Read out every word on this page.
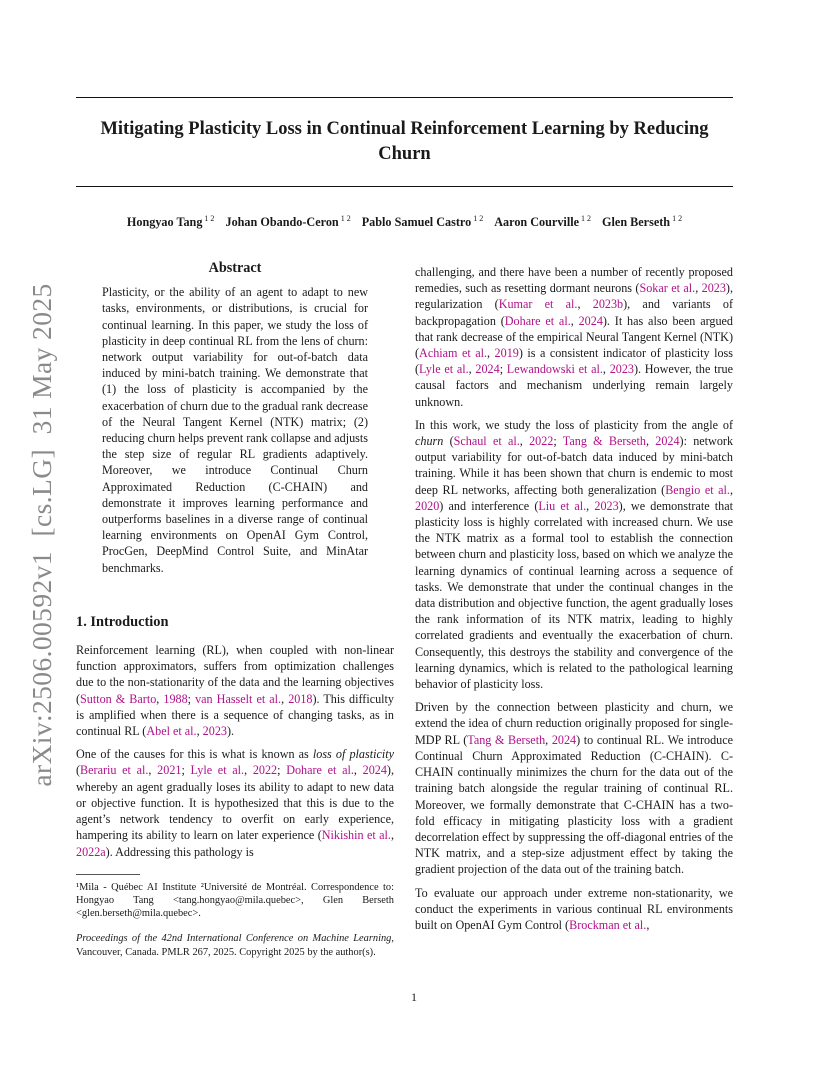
Mitigating Plasticity Loss in Continual Reinforcement Learning by Reducing Churn
Hongyao Tang $^{1 2}$ Johan Obando-Ceron $^{1 2}$ Pablo Samuel Castro $^{1 2}$ Aaron Courville $^{1 2}$ Glen Berseth $^{1 2}$
arXiv:2506.00592v1  [cs.LG]  31 May 2025
Abstract

Plasticity, or the ability of an agent to adapt to new tasks, environments, or distributions, is crucial for continual learning. In this paper, we study the loss of plasticity in deep continual RL from the lens of churn: network output variability for out-of-batch data induced by mini-batch training. We demonstrate that (1) the loss of plasticity is accompanied by the exacerbation of churn due to the gradual rank decrease of the Neural Tangent Kernel (NTK) matrix; (2) reducing churn helps prevent rank collapse and adjusts the step size of regular RL gradients adaptively. Moreover, we introduce Continual Churn Approximated Reduction (C-CHAIN) and demonstrate it improves learning performance and outperforms baselines in a diverse range of continual learning environments on OpenAI Gym Control, ProcGen, DeepMind Control Suite, and MinAtar benchmarks.

1. Introduction

Reinforcement learning (RL), when coupled with non-linear function approximators, suffers from optimization challenges due to the non-stationarity of the data and the learning objectives (Sutton & Barto, 1988; van Hasselt et al., 2018). This difficulty is amplified when there is a sequence of changing tasks, as in continual RL (Abel et al., 2023).

One of the causes for this is what is known as loss of plasticity (Berariu et al., 2021; Lyle et al., 2022; Dohare et al., 2024), whereby an agent gradually loses its ability to adapt to new data or objective function. It is hypothesized that this is due to the agent’s network tendency to overfit on early experience, hampering its ability to learn on later experience (Nikishin et al., 2022a). Addressing this pathology is

¹Mila - Québec AI Institute ²Université de Montréal. Correspondence to: Hongyao Tang <tang.hongyao@mila.quebec>, Glen Berseth <glen.berseth@mila.quebec>.

Proceedings of the 42nd International Conference on Machine Learning, Vancouver, Canada. PMLR 267, 2025. Copyright 2025 by the author(s).

challenging, and there have been a number of recently proposed remedies, such as resetting dormant neurons (Sokar et al., 2023), regularization (Kumar et al., 2023b), and variants of backpropagation (Dohare et al., 2024). It has also been argued that rank decrease of the empirical Neural Tangent Kernel (NTK) (Achiam et al., 2019) is a consistent indicator of plasticity loss (Lyle et al., 2024; Lewandowski et al., 2023). However, the true causal factors and mechanism underlying remain largely unknown.

In this work, we study the loss of plasticity from the angle of churn (Schaul et al., 2022; Tang & Berseth, 2024): network output variability for out-of-batch data induced by mini-batch training. While it has been shown that churn is endemic to most deep RL networks, affecting both generalization (Bengio et al., 2020) and interference (Liu et al., 2023), we demonstrate that plasticity loss is highly correlated with increased churn. We use the NTK matrix as a formal tool to establish the connection between churn and plasticity loss, based on which we analyze the learning dynamics of continual learning across a sequence of tasks. We demonstrate that under the continual changes in the data distribution and objective function, the agent gradually loses the rank information of its NTK matrix, leading to highly correlated gradients and eventually the exacerbation of churn. Consequently, this destroys the stability and convergence of the learning dynamics, which is related to the pathological learning behavior of plasticity loss.

Driven by the connection between plasticity and churn, we extend the idea of churn reduction originally proposed for single-MDP RL (Tang & Berseth, 2024) to continual RL. We introduce Continual Churn Approximated Reduction (C-CHAIN). C-CHAIN continually minimizes the churn for the data out of the training batch alongside the regular training of continual RL. Moreover, we formally demonstrate that C-CHAIN has a two-fold efficacy in mitigating plasticity loss with a gradient decorrelation effect by suppressing the off-diagonal entries of the NTK matrix, and a step-size adjustment effect by taking the gradient projection of the data out of the training batch.

To evaluate our approach under extreme non-stationarity, we conduct the experiments in various continual RL environments built on OpenAI Gym Control (Brockman et al.,

1
